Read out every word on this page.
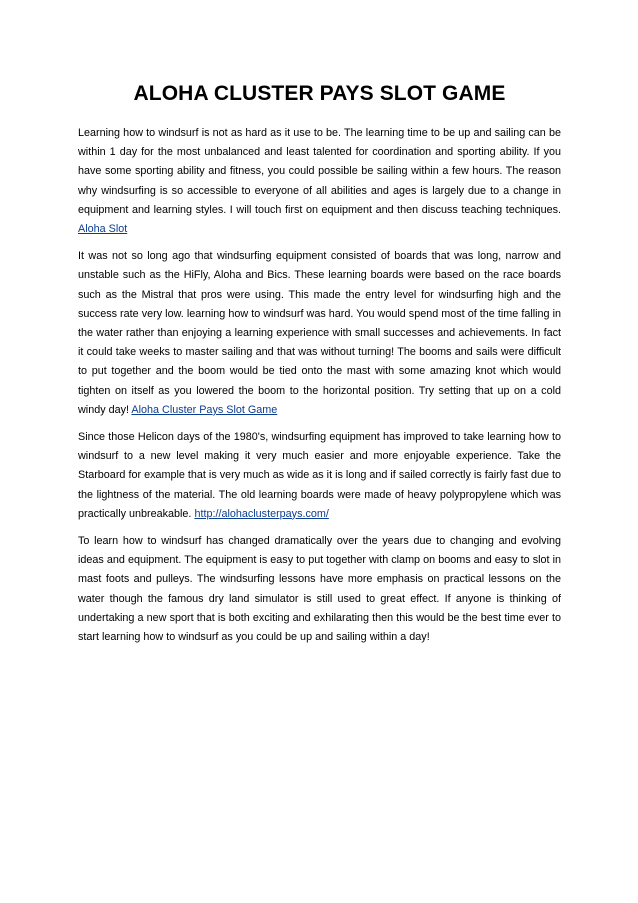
ALOHA CLUSTER PAYS SLOT GAME

Learning how to windsurf is not as hard as it use to be. The learning time to be up and sailing can be within 1 day for the most unbalanced and least talented for coordination and sporting ability. If you have some sporting ability and fitness, you could possible be sailing within a few hours. The reason why windsurfing is so accessible to everyone of all abilities and ages is largely due to a change in equipment and learning styles. I will touch first on equipment and then discuss teaching techniques. Aloha Slot

It was not so long ago that windsurfing equipment consisted of boards that was long, narrow and unstable such as the HiFly, Aloha and Bics. These learning boards were based on the race boards such as the Mistral that pros were using. This made the entry level for windsurfing high and the success rate very low. learning how to windsurf was hard. You would spend most of the time falling in the water rather than enjoying a learning experience with small successes and achievements. In fact it could take weeks to master sailing and that was without turning! The booms and sails were difficult to put together and the boom would be tied onto the mast with some amazing knot which would tighten on itself as you lowered the boom to the horizontal position. Try setting that up on a cold windy day! Aloha Cluster Pays Slot Game

Since those Helicon days of the 1980's, windsurfing equipment has improved to take learning how to windsurf to a new level making it very much easier and more enjoyable experience. Take the Starboard for example that is very much as wide as it is long and if sailed correctly is fairly fast due to the lightness of the material. The old learning boards were made of heavy polypropylene which was practically unbreakable. http://alohaclusterpays.com/

To learn how to windsurf has changed dramatically over the years due to changing and evolving ideas and equipment. The equipment is easy to put together with clamp on booms and easy to slot in mast foots and pulleys. The windsurfing lessons have more emphasis on practical lessons on the water though the famous dry land simulator is still used to great effect. If anyone is thinking of undertaking a new sport that is both exciting and exhilarating then this would be the best time ever to start learning how to windsurf as you could be up and sailing within a day!
